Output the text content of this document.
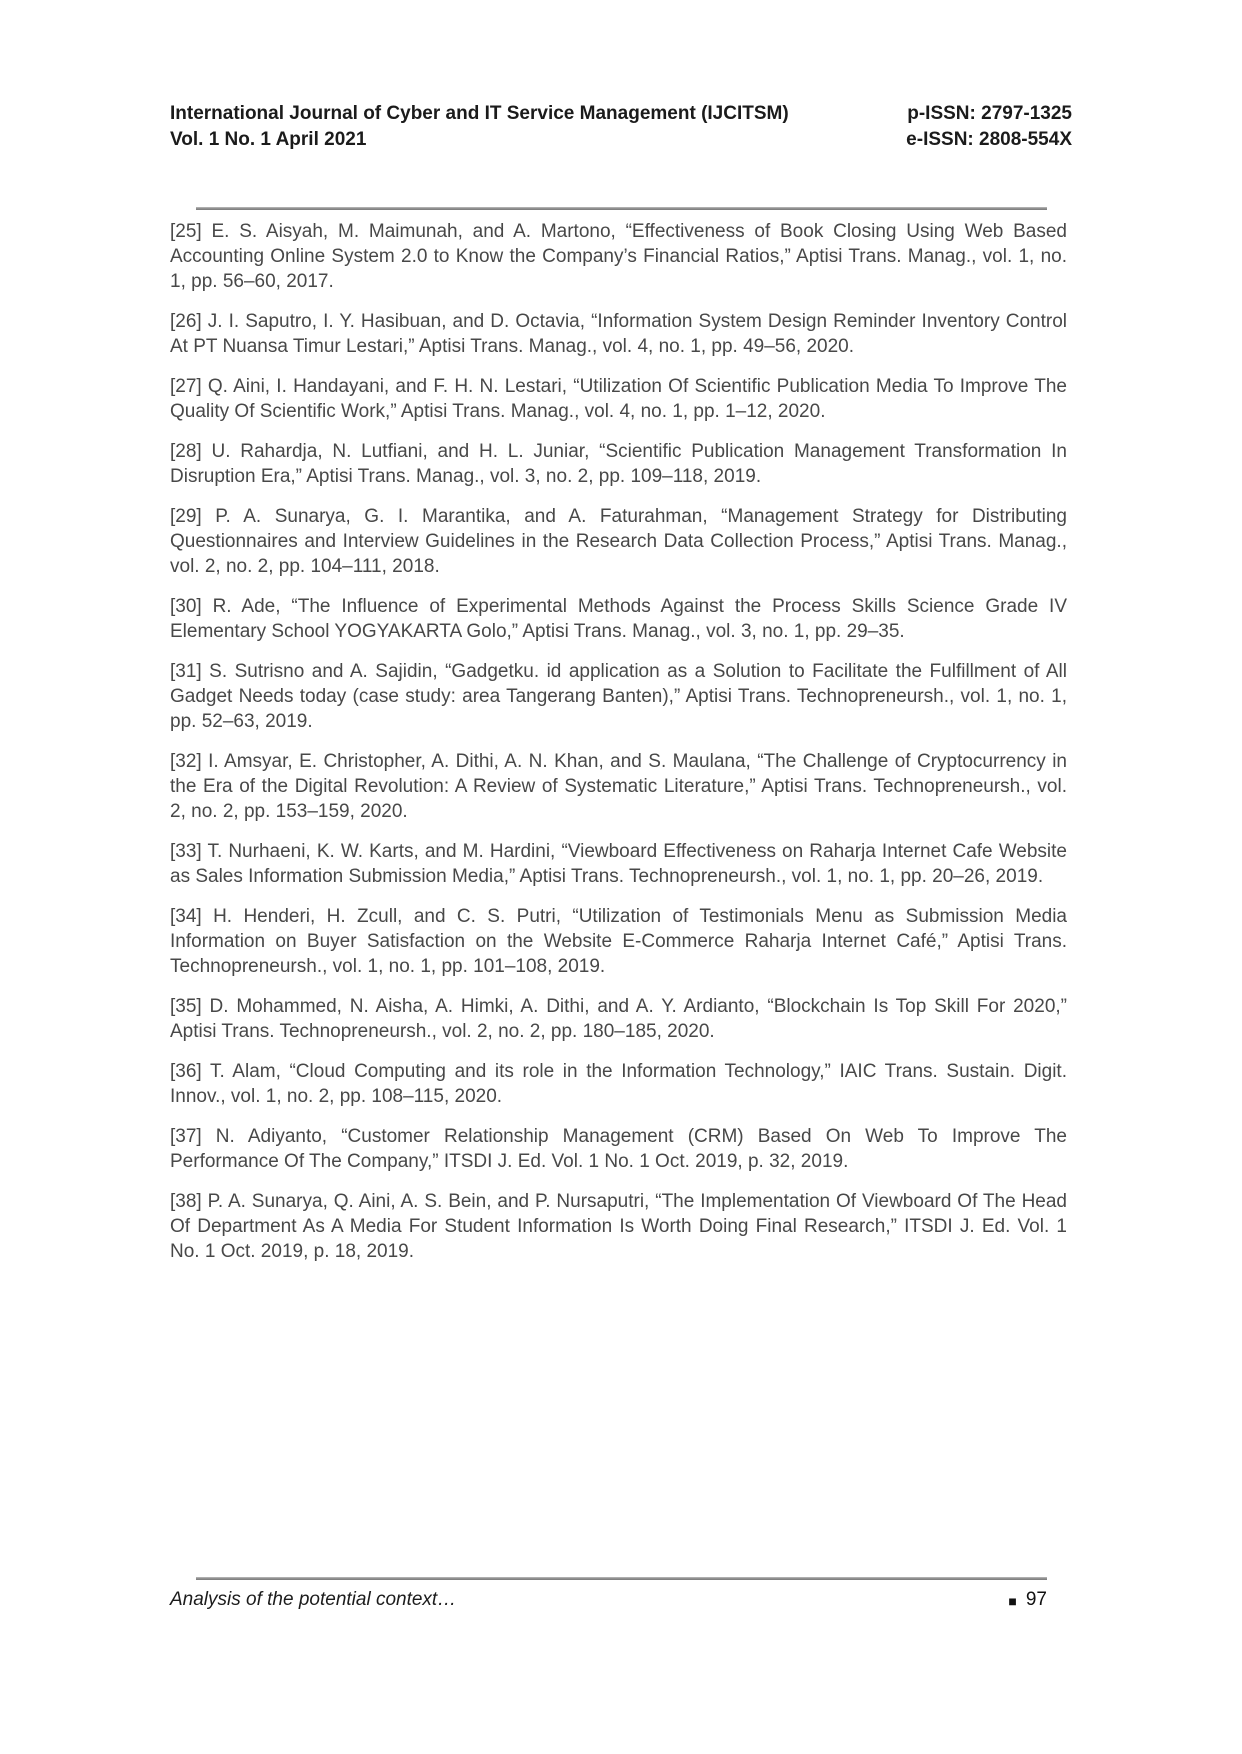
International Journal of Cyber and IT Service Management (IJCITSM)	p-ISSN: 2797-1325
Vol. 1 No. 1 April 2021	e-ISSN: 2808-554X

[25] E. S. Aisyah, M. Maimunah, and A. Martono, “Effectiveness of Book Closing Using Web Based Accounting Online System 2.0 to Know the Company’s Financial Ratios,” Aptisi Trans. Manag., vol. 1, no. 1, pp. 56–60, 2017.

[26] J. I. Saputro, I. Y. Hasibuan, and D. Octavia, “Information System Design Reminder Inventory Control At PT Nuansa Timur Lestari,” Aptisi Trans. Manag., vol. 4, no. 1, pp. 49–56, 2020.

[27] Q. Aini, I. Handayani, and F. H. N. Lestari, “Utilization Of Scientific Publication Media To Improve The Quality Of Scientific Work,” Aptisi Trans. Manag., vol. 4, no. 1, pp. 1–12, 2020.

[28] U. Rahardja, N. Lutfiani, and H. L. Juniar, “Scientific Publication Management Transformation In Disruption Era,” Aptisi Trans. Manag., vol. 3, no. 2, pp. 109–118, 2019.

[29] P. A. Sunarya, G. I. Marantika, and A. Faturahman, “Management Strategy for Distributing Questionnaires and Interview Guidelines in the Research Data Collection Process,” Aptisi Trans. Manag., vol. 2, no. 2, pp. 104–111, 2018.

[30] R. Ade, “The Influence of Experimental Methods Against the Process Skills Science Grade IV Elementary School YOGYAKARTA Golo,” Aptisi Trans. Manag., vol. 3, no. 1, pp. 29–35.

[31] S. Sutrisno and A. Sajidin, “Gadgetku. id application as a Solution to Facilitate the Fulfillment of All Gadget Needs today (case study: area Tangerang Banten),” Aptisi Trans. Technopreneursh., vol. 1, no. 1, pp. 52–63, 2019.

[32] I. Amsyar, E. Christopher, A. Dithi, A. N. Khan, and S. Maulana, “The Challenge of Cryptocurrency in the Era of the Digital Revolution: A Review of Systematic Literature,” Aptisi Trans. Technopreneursh., vol. 2, no. 2, pp. 153–159, 2020.

[33] T. Nurhaeni, K. W. Karts, and M. Hardini, “Viewboard Effectiveness on Raharja Internet Cafe Website as Sales Information Submission Media,” Aptisi Trans. Technopreneursh., vol. 1, no. 1, pp. 20–26, 2019.

[34] H. Henderi, H. Zcull, and C. S. Putri, “Utilization of Testimonials Menu as Submission Media Information on Buyer Satisfaction on the Website E-Commerce Raharja Internet Café,” Aptisi Trans. Technopreneursh., vol. 1, no. 1, pp. 101–108, 2019.

[35] D. Mohammed, N. Aisha, A. Himki, A. Dithi, and A. Y. Ardianto, “Blockchain Is Top Skill For 2020,” Aptisi Trans. Technopreneursh., vol. 2, no. 2, pp. 180–185, 2020.

[36] T. Alam, “Cloud Computing and its role in the Information Technology,” IAIC Trans. Sustain. Digit. Innov., vol. 1, no. 2, pp. 108–115, 2020.

[37] N. Adiyanto, “Customer Relationship Management (CRM) Based On Web To Improve The Performance Of The Company,” ITSDI J. Ed. Vol. 1 No. 1 Oct. 2019, p. 32, 2019.

[38] P. A. Sunarya, Q. Aini, A. S. Bein, and P. Nursaputri, “The Implementation Of Viewboard Of The Head Of Department As A Media For Student Information Is Worth Doing Final Research,” ITSDI J. Ed. Vol. 1 No. 1 Oct. 2019, p. 18, 2019.

Analysis of the potential context…	■ 97
